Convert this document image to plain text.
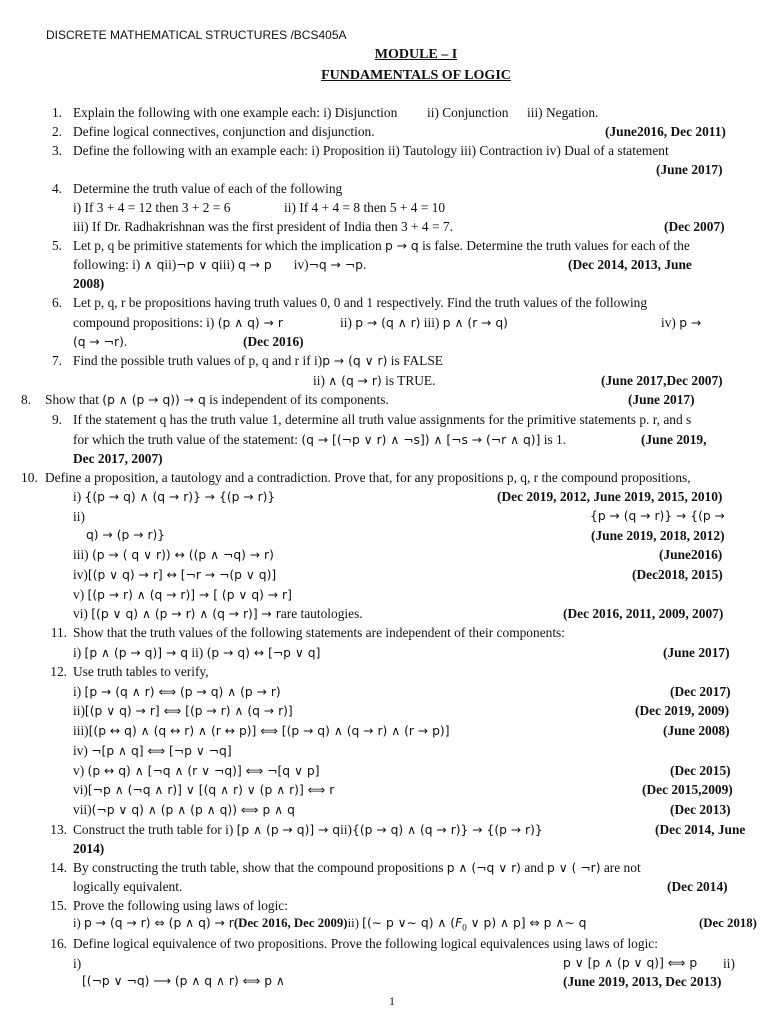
DISCRETE MATHEMATICAL STRUCTURES /BCS405A
MODULE – I
FUNDAMENTALS OF LOGIC
1. Explain the following with one example each: i) Disjunction ii) Conjunction iii) Negation.
2. Define logical connectives, conjunction and disjunction.	(June2016, Dec 2011)
3. Define the following with an example each: i) Proposition ii) Tautology iii) Contraction iv) Dual of a statement
(June 2017)
4. Determine the truth value of each of the following
i) If 3 + 4 = 12 then 3 + 2 = 6	ii) If 4 + 4 = 8 then 5 + 4 = 10
iii) If Dr. Radhakrishnan was the first president of India then 3 + 4 = 7.	(Dec 2007)
5. Let p, q be primitive statements for which the implication p → q is false. Determine the truth values for each of the
following: i) ∧ qii)¬p ∨ qiii) q → p iv)¬q → ¬p.	(Dec 2014, 2013, June
2008)
6. Let p, q, r be propositions having truth values 0, 0 and 1 respectively. Find the truth values of the following
compound propositions: i) (p ∧ q) → r	ii) p → (q ∧ r) iii) p ∧ (r → q)	iv) p →
(q → ¬r).	(Dec 2016)
7. Find the possible truth values of p, q and r if i)p → (q ∨ r) is FALSE
ii) ∧ (q → r) is TRUE.	(June 2017,Dec 2007)
8. Show that (p ∧ (p → q)) → q is independent of its components.	(June 2017)
9. If the statement q has the truth value 1, determine all truth value assignments for the primitive statements p. r, and s
for which the truth value of the statement: (q → [(¬p ∨ r) ∧ ¬s]) ∧ [¬s → (¬r ∧ q)] is 1.	(June 2019,
Dec 2017, 2007)
10. Define a proposition, a tautology and a contradiction. Prove that, for any propositions p, q, r the compound propositions,
i) {(p → q) ∧ (q → r)} → {(p → r)}	(Dec 2019, 2012, June 2019, 2015, 2010)
ii)	{p → (q → r)} → {(p →
q) → (p → r)}	(June 2019, 2018, 2012)
iii) (p → ( q ∨ r)) ↔ ((p ∧ ¬q) → r)	(June2016)
iv)[(p ∨ q) → r] ↔ [¬r → ¬(p ∨ q)]	(Dec2018, 2015)
v) [(p → r) ∧ (q → r)] → [ (p ∨ q) → r]
vi) [(p ∨ q) ∧ (p → r) ∧ (q → r)] → rare tautologies.	(Dec 2016, 2011, 2009, 2007)
11. Show that the truth values of the following statements are independent of their components:
i) [p ∧ (p → q)] → q ii) (p → q) ↔ [¬p ∨ q]	(June 2017)
12. Use truth tables to verify,
i) [p → (q ∧ r) ⟺ (p → q) ∧ (p → r)	(Dec 2017)
ii)[(p ∨ q) → r] ⟺ [(p → r) ∧ (q → r)]	(Dec 2019, 2009)
iii)[(p ↔ q) ∧ (q ↔ r) ∧ (r ↔ p)] ⟺ [(p → q) ∧ (q → r) ∧ (r → p)]	(June 2008)
iv) ¬[p ∧ q] ⟺ [¬p ∨ ¬q]
v) (p ↔ q) ∧ [¬q ∧ (r ∨ ¬q)] ⟺ ¬[q ∨ p]	(Dec 2015)
vi)[¬p ∧ (¬q ∧ r)] ∨ [(q ∧ r) ∨ (p ∧ r)] ⟺ r	(Dec 2015,2009)
vii)(¬p ∨ q) ∧ (p ∧ (p ∧ q)) ⟺ p ∧ q	(Dec 2013)
13. Construct the truth table for i) [p ∧ (p → q)] → qii){(p → q) ∧ (q → r)} → {(p → r)}	(Dec 2014, June
2014)
14. By constructing the truth table, show that the compound propositions p ∧ (¬q ∨ r) and p ∨ ( ¬r) are not
logically equivalent.	(Dec 2014)
15. Prove the following using laws of logic:
i) p → (q → r) ⇔ (p ∧ q) → r(Dec 2016, Dec 2009)ii) [(∼ p ∨∼ q) ∧ ($F_0$ ∨ p) ∧ p] ⇔ p ∧∼ q	(Dec 2018)
16. Define logical equivalence of two propositions. Prove the following logical equivalences using laws of logic:
i)	p ∨ [p ∧ (p ∨ q)] ⟺ p ii)
[(¬p ∨ ¬q) ⟶ (p ∧ q ∧ r) ⟺ p ∧	(June 2019, 2013, Dec 2013)
1
